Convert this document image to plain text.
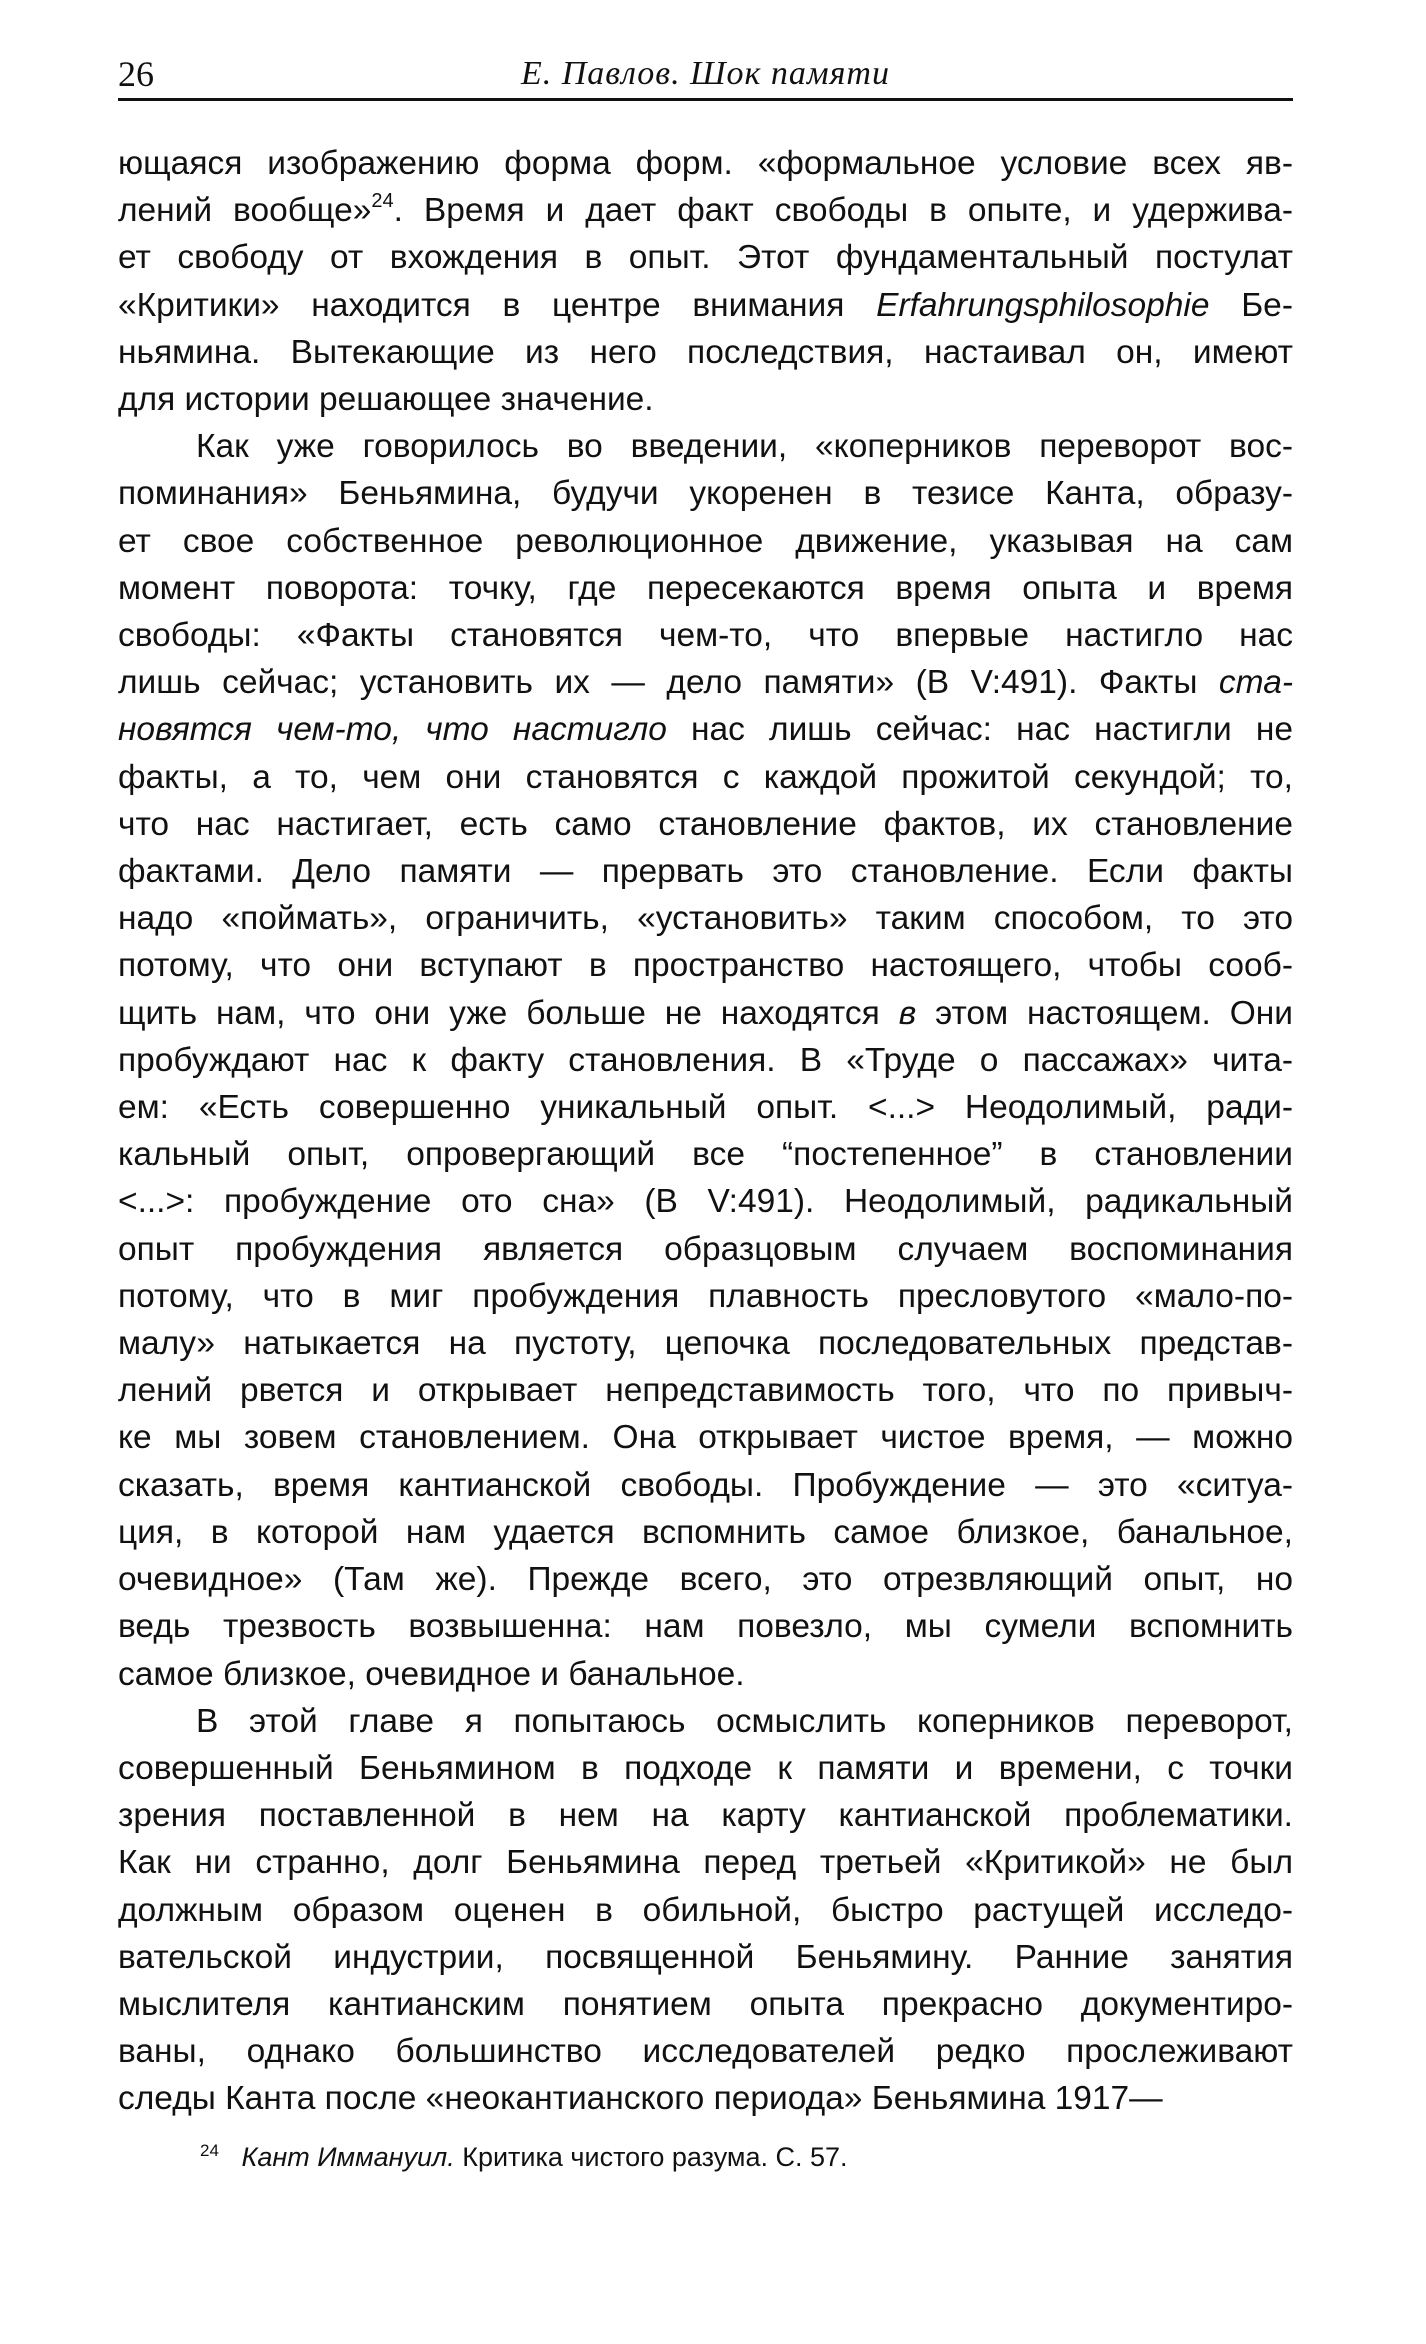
26	Е. Павлов. Шок памяти
ющаяся изображению форма форм. «формальное условие всех яв-
лений вообще»$^{24}$. Время и дает факт свободы в опыте, и удержива-
ет свободу от вхождения в опыт. Этот фундаментальный постулат
«Критики» находится в центре внимания Erfahrungsphilosophie Бе-
ньямина. Вытекающие из него последствия, настаивал он, имеют
для истории решающее значение.
Как уже говорилось во введении, «коперников переворот вос-
поминания» Беньямина, будучи укоренен в тезисе Канта, образу-
ет свое собственное революционное движение, указывая на сам
момент поворота: точку, где пересекаются время опыта и время
свободы: «Факты становятся чем-то, что впервые настигло нас
лишь сейчас; установить их — дело памяти» (B V:491). Факты ста-
новятся чем-то, что настигло нас лишь сейчас: нас настигли не
факты, а то, чем они становятся с каждой прожитой секундой; то,
что нас настигает, есть само становление фактов, их становление
фактами. Дело памяти — прервать это становление. Если факты
надо «поймать», ограничить, «установить» таким способом, то это
потому, что они вступают в пространство настоящего, чтобы сооб-
щить нам, что они уже больше не находятся в этом настоящем. Они
пробуждают нас к факту становления. В «Труде о пассажах» чита-
ем: «Есть совершенно уникальный опыт. <...> Неодолимый, ради-
кальный опыт, опровергающий все “постепенное” в становлении
<...>: пробуждение ото сна» (B V:491). Неодолимый, радикальный
опыт пробуждения является образцовым случаем воспоминания
потому, что в миг пробуждения плавность пресловутого «мало-по-
малу» натыкается на пустоту, цепочка последовательных представ-
лений рвется и открывает непредставимость того, что по привыч-
ке мы зовем становлением. Она открывает чистое время, — можно
сказать, время кантианской свободы. Пробуждение — это «ситуа-
ция, в которой нам удается вспомнить самое близкое, банальное,
очевидное» (Там же). Прежде всего, это отрезвляющий опыт, но
ведь трезвость возвышенна: нам повезло, мы сумели вспомнить
самое близкое, очевидное и банальное.
В этой главе я попытаюсь осмыслить коперников переворот,
совершенный Беньямином в подходе к памяти и времени, с точки
зрения поставленной в нем на карту кантианской проблематики.
Как ни странно, долг Беньямина перед третьей «Критикой» не был
должным образом оценен в обильной, быстро растущей исследо-
вательской индустрии, посвященной Беньямину. Ранние занятия
мыслителя кантианским понятием опыта прекрасно документиро-
ваны, однако большинство исследователей редко прослеживают
следы Канта после «неокантианского периода» Беньямина 1917—
$^{24}$ Кант Иммануил. Критика чистого разума. С. 57.
